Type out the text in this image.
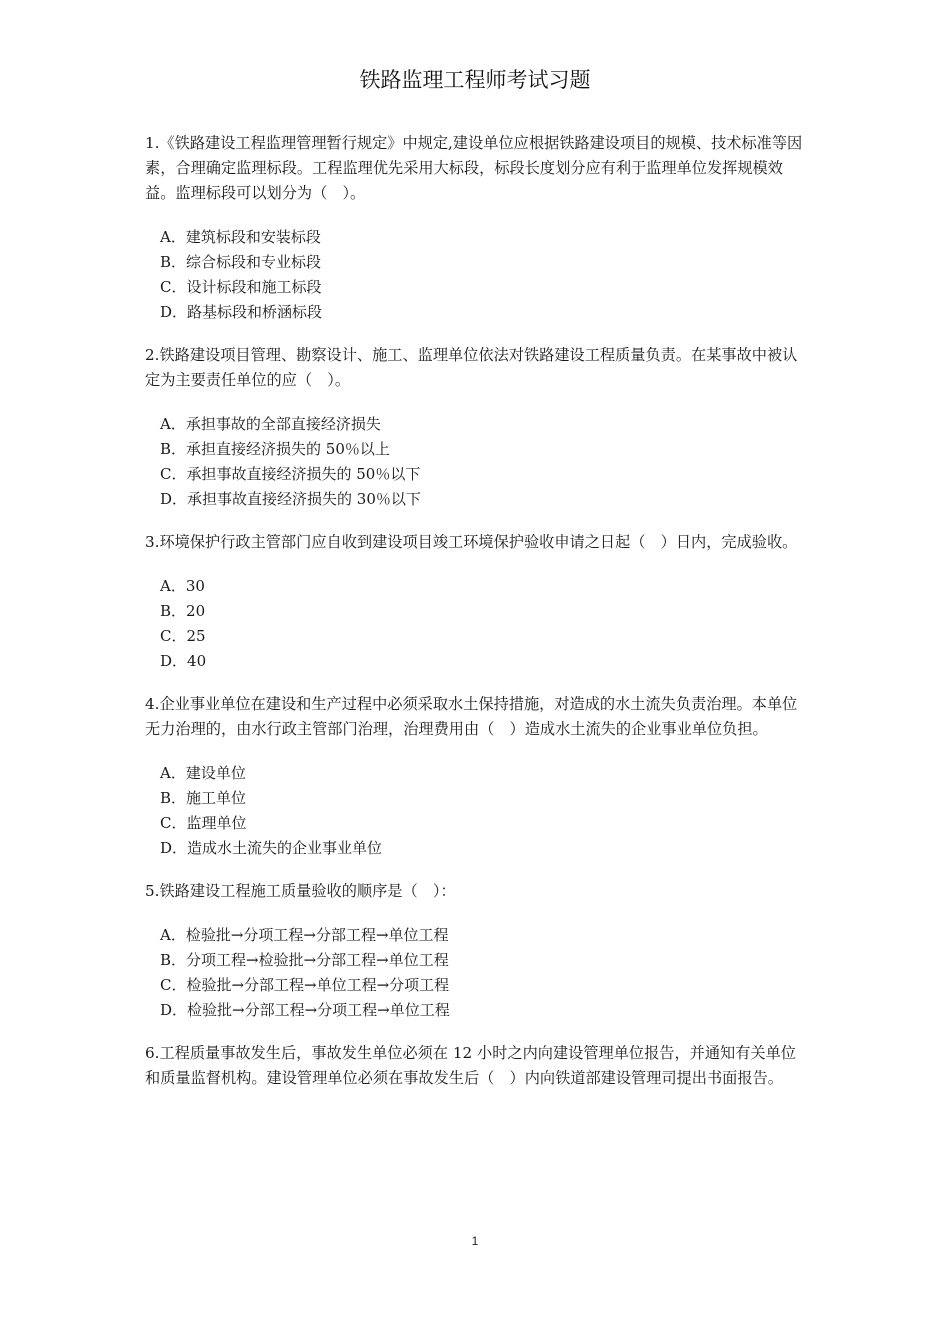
铁路监理工程师考试习题

1.《铁路建设工程监理管理暂行规定》中规定,建设单位应根据铁路建设项目的规模、技术标准等因素，合理确定监理标段。工程监理优先采用大标段，标段长度划分应有利于监理单位发挥规模效益。监理标段可以划分为（　）。

A．建筑标段和安装标段
B．综合标段和专业标段
C．设计标段和施工标段
D．路基标段和桥涵标段

2.铁路建设项目管理、勘察设计、施工、监理单位依法对铁路建设工程质量负责。在某事故中被认定为主要责任单位的应（　）。

A．承担事故的全部直接经济损失
B．承担直接经济损失的 50％以上
C．承担事故直接经济损失的 50％以下
D．承担事故直接经济损失的 30％以下

3.环境保护行政主管部门应自收到建设项目竣工环境保护验收申请之日起（　）日内，完成验收。

A．30
B．20
C．25
D．40

4.企业事业单位在建设和生产过程中必须采取水土保持措施，对造成的水土流失负责治理。本单位无力治理的，由水行政主管部门治理，治理费用由（　）造成水土流失的企业事业单位负担。

A．建设单位
B．施工单位
C．监理单位
D．造成水土流失的企业事业单位

5.铁路建设工程施工质量验收的顺序是（　）：

A．检验批→分项工程→分部工程→单位工程
B．分项工程→检验批→分部工程→单位工程
C．检验批→分部工程→单位工程→分项工程
D．检验批→分部工程→分项工程→单位工程

6.工程质量事故发生后，事故发生单位必须在 12 小时之内向建设管理单位报告，并通知有关单位和质量监督机构。建设管理单位必须在事故发生后（　）内向铁道部建设管理司提出书面报告。

1
